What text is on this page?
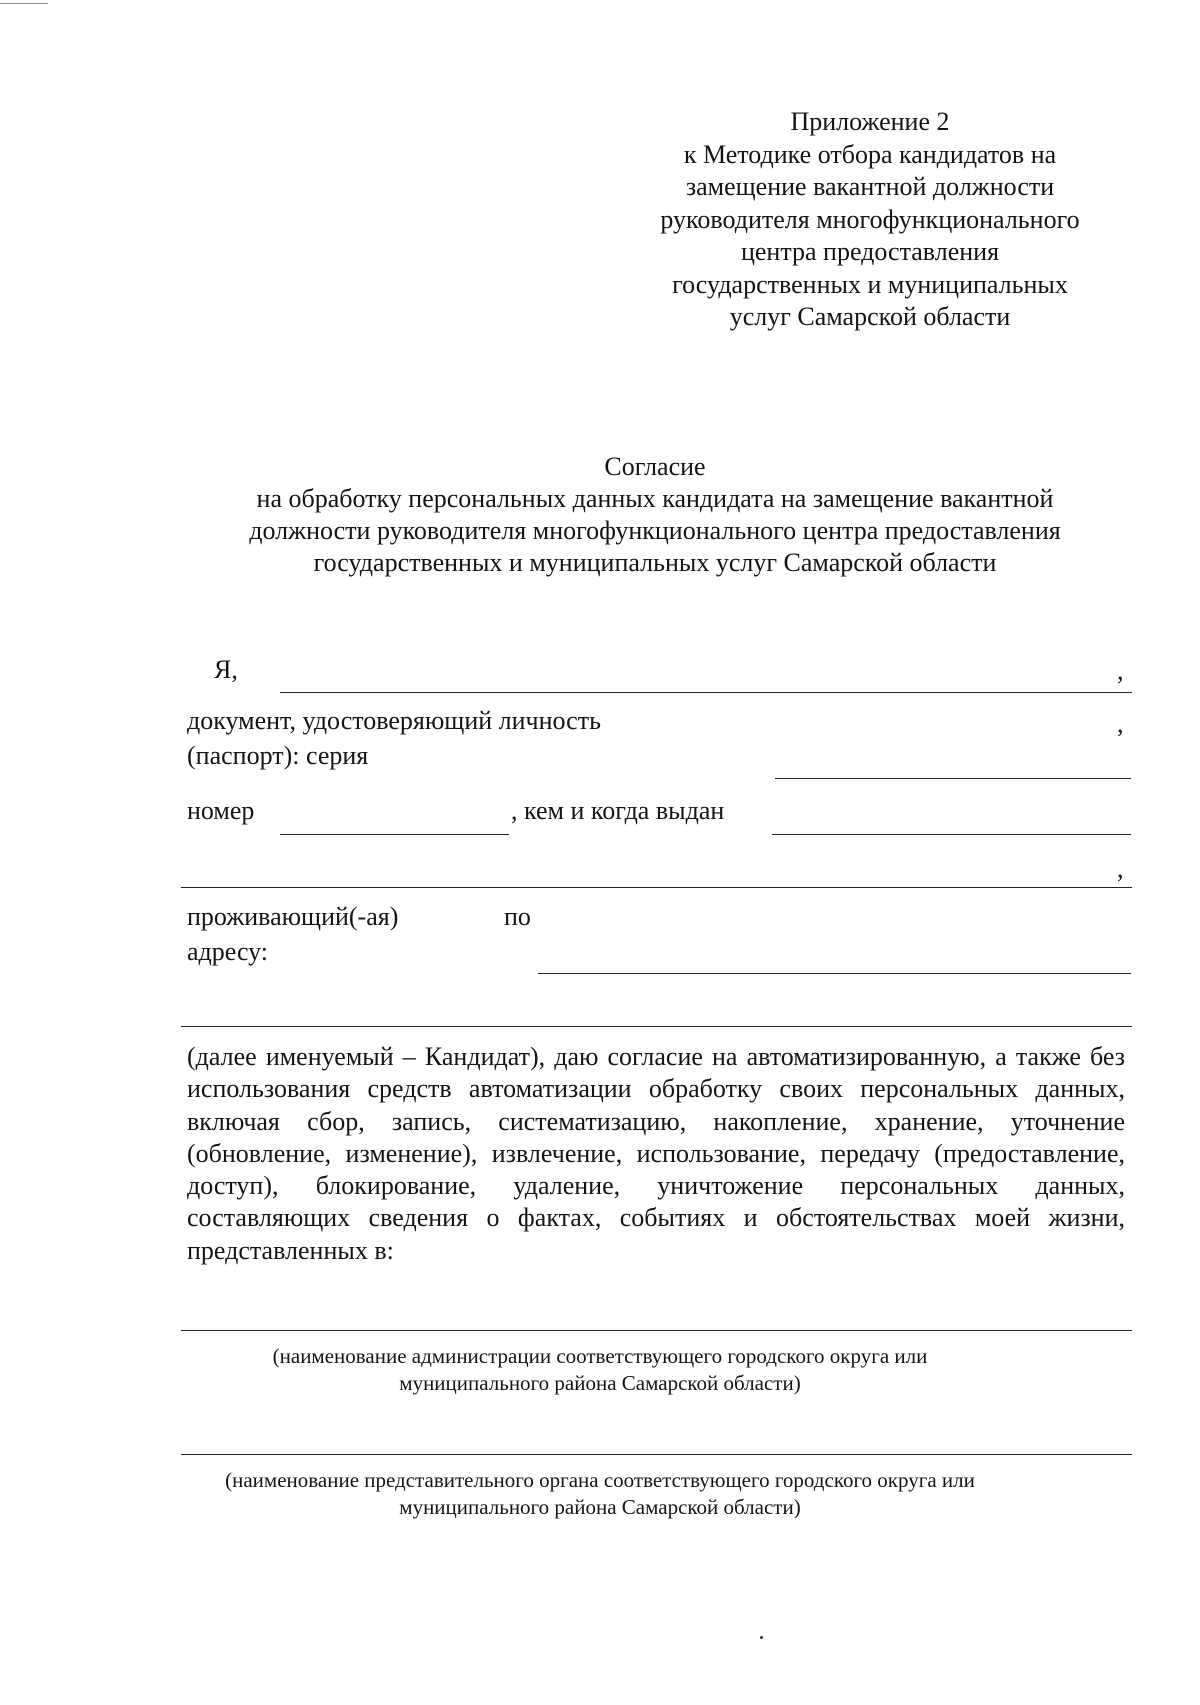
Приложение 2
к Методике отбора кандидатов на
замещение вакантной должности
руководителя многофункционального
центра предоставления
государственных и муниципальных
услуг Самарской области
Согласие
на обработку персональных данных кандидата на замещение вакантной
должности руководителя многофункционального центра предоставления
государственных и муниципальных услуг Самарской области
Я,	,
документ, удостоверяющий личность	,
(паспорт): серия
номер	, кем и когда выдан
,
проживающий(-ая)	по
адресу:
(далее именуемый – Кандидат), даю согласие на автоматизированную, а также без использования средств автоматизации обработку своих персональных данных, включая сбор, запись, систематизацию, накопление, хранение, уточнение (обновление, изменение), извлечение, использование, передачу (предоставление, доступ), блокирование, удаление, уничтожение персональных данных, составляющих сведения о фактах, событиях и обстоятельствах моей жизни, представленных в:
(наименование администрации соответствующего городского округа или
муниципального района Самарской области)
(наименование представительного органа соответствующего городского округа или
муниципального района Самарской области)
